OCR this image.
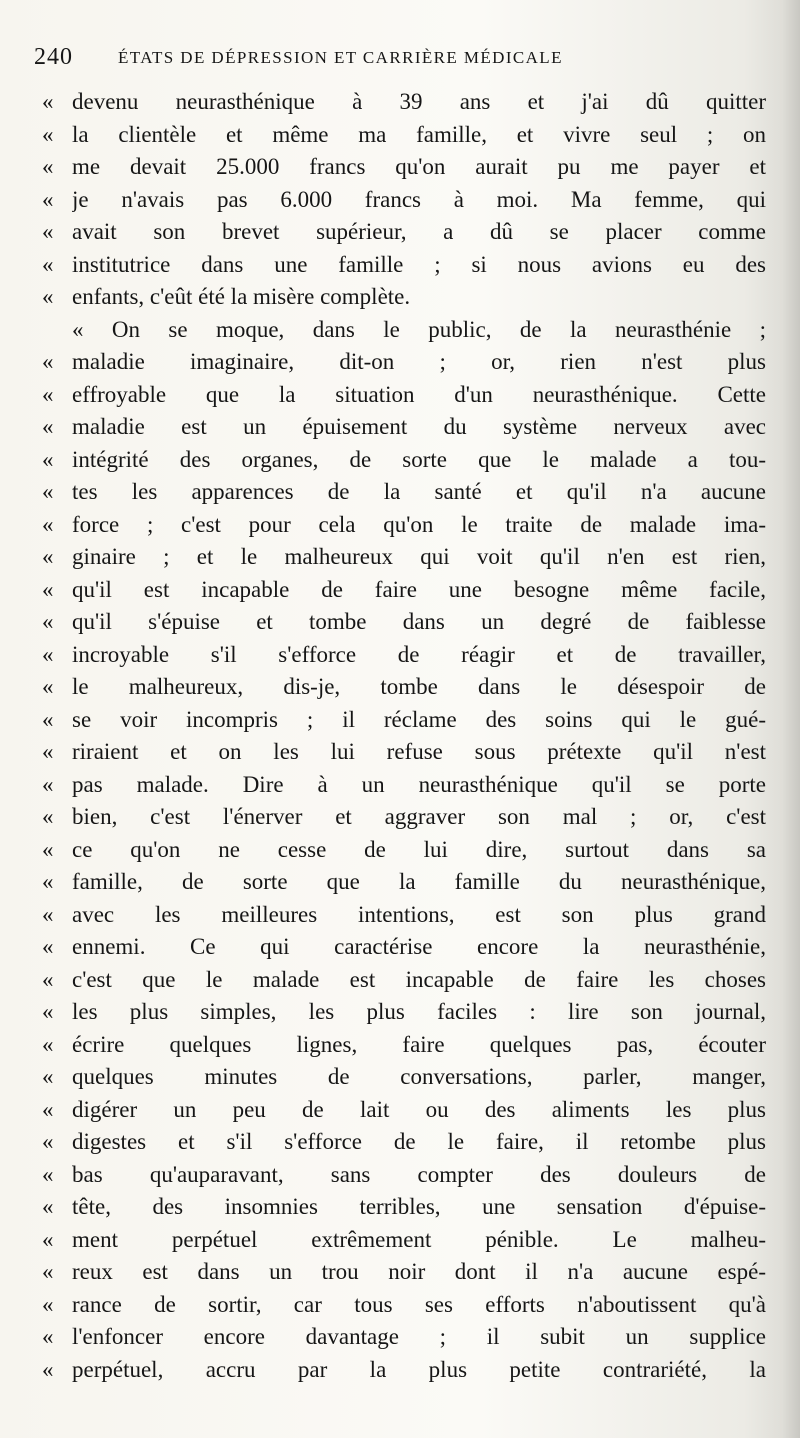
240	ÉTATS DE DÉPRESSION ET CARRIÈRE MÉDICALE
« devenu neurasthénique à 39 ans et j'ai dû quitter
« la clientèle et même ma famille, et vivre seul ; on
« me devait 25.000 francs qu'on aurait pu me payer et
« je n'avais pas 6.000 francs à moi. Ma femme, qui
« avait son brevet supérieur, a dû se placer comme
« institutrice dans une famille ; si nous avions eu des
« enfants, c'eût été la misère complète.
« On se moque, dans le public, de la neurasthénie ;
« maladie imaginaire, dit-on ; or, rien n'est plus
« effroyable que la situation d'un neurasthénique. Cette
« maladie est un épuisement du système nerveux avec
« intégrité des organes, de sorte que le malade a tou-
« tes les apparences de la santé et qu'il n'a aucune
« force ; c'est pour cela qu'on le traite de malade ima-
« ginaire ; et le malheureux qui voit qu'il n'en est rien,
« qu'il est incapable de faire une besogne même facile,
« qu'il s'épuise et tombe dans un degré de faiblesse
« incroyable s'il s'efforce de réagir et de travailler,
« le malheureux, dis-je, tombe dans le désespoir de
« se voir incompris ; il réclame des soins qui le gué-
« riraient et on les lui refuse sous prétexte qu'il n'est
« pas malade. Dire à un neurasthénique qu'il se porte
« bien, c'est l'énerver et aggraver son mal ; or, c'est
« ce qu'on ne cesse de lui dire, surtout dans sa
« famille, de sorte que la famille du neurasthénique,
« avec les meilleures intentions, est son plus grand
« ennemi. Ce qui caractérise encore la neurasthénie,
« c'est que le malade est incapable de faire les choses
« les plus simples, les plus faciles : lire son journal,
« écrire quelques lignes, faire quelques pas, écouter
« quelques minutes de conversations, parler, manger,
« digérer un peu de lait ou des aliments les plus
« digestes et s'il s'efforce de le faire, il retombe plus
« bas qu'auparavant, sans compter des douleurs de
« tête, des insomnies terribles, une sensation d'épuise-
« ment perpétuel extrêmement pénible. Le malheu-
« reux est dans un trou noir dont il n'a aucune espé-
« rance de sortir, car tous ses efforts n'aboutissent qu'à
« l'enfoncer encore davantage ; il subit un supplice
« perpétuel, accru par la plus petite contrariété, la
